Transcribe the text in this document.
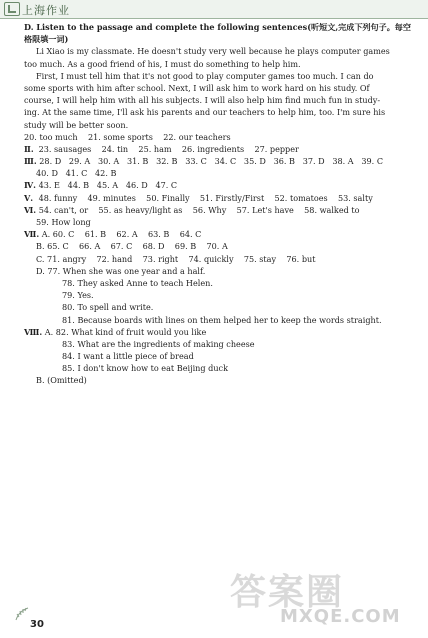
上海作业
D. Listen to the passage and complete the following sentences(听短文,完成下列句子。每空
格限填一词)
Li Xiao is my classmate. He doesn't study very well because he plays computer games
too much. As a good friend of his, I must do something to help him.
First, I must tell him that it's not good to play computer games too much. I can do
some sports with him after school. Next, I will ask him to work hard on his study. Of
course, I will help him with all his subjects. I will also help him find much fun in study-
ing. At the same time, I'll ask his parents and our teachers to help him, too. I'm sure his
study will be better soon.
20. too much 21. some sports 22. our teachers
Ⅱ. 23. sausages 24. tin 25. ham 26. ingredients 27. pepper
Ⅲ. 28. D 29. A 30. A 31. B 32. B 33. C 34. C 35. D 36. B 37. D 38. A 39. C
40. D 41. C 42. B
Ⅳ. 43. E 44. B 45. A 46. D 47. C
Ⅴ. 48. funny 49. minutes 50. Finally 51. Firstly/First 52. tomatoes 53. salty
Ⅵ. 54. can't, or 55. as heavy/light as 56. Why 57. Let's have 58. walked to
59. How long
Ⅶ. A. 60. C 61. B 62. A 63. B 64. C
B. 65. C 66. A 67. C 68. D 69. B 70. A
C. 71. angry 72. hand 73. right 74. quickly 75. stay 76. but
D. 77. When she was one year and a half.
78. They asked Anne to teach Helen.
79. Yes.
80. To spell and write.
81. Because boards with lines on them helped her to keep the words straight.
Ⅷ. A. 82. What kind of fruit would you like
83. What are the ingredients of making cheese
84. I want a little piece of bread
85. I don't know how to eat Beijing duck
B. (Omitted)
答案圈
MXQE.COM
30
